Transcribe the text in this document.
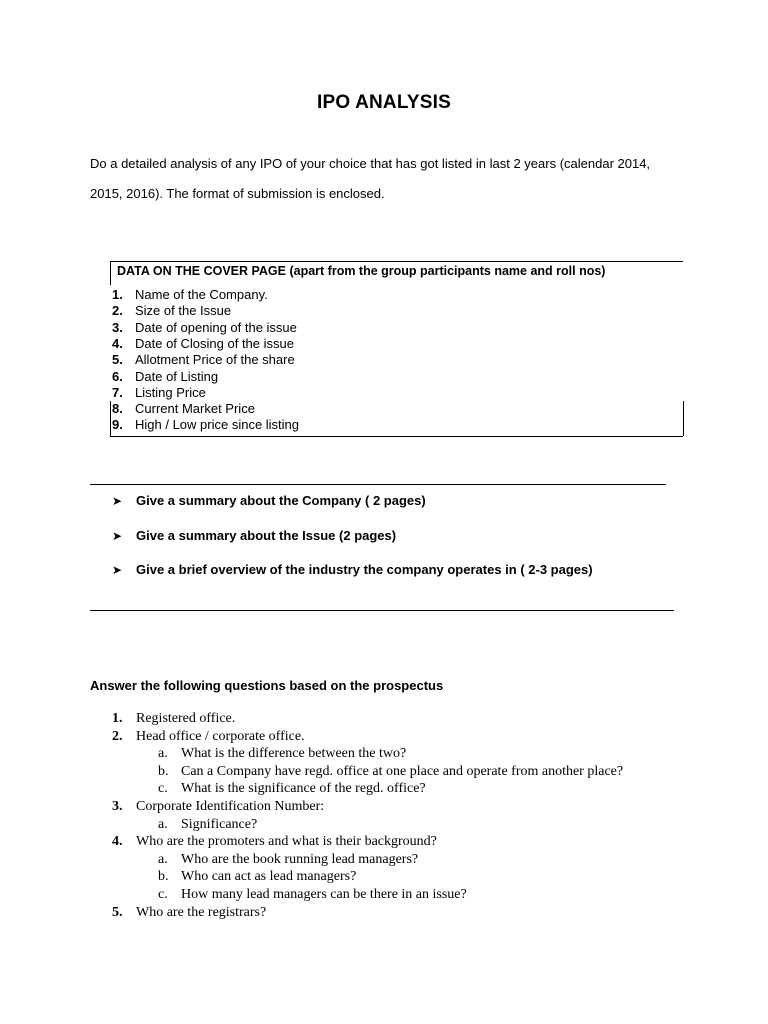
IPO ANALYSIS
Do a detailed analysis of any IPO of your choice that has got listed in last 2 years (calendar 2014,
2015, 2016). The format of submission is enclosed.
DATA ON THE COVER PAGE (apart from the group participants name and roll nos)
1. Name of the Company.
2. Size of the Issue
3. Date of opening of the issue
4. Date of Closing of the issue
5. Allotment Price of the share
6. Date of Listing
7. Listing Price
8. Current Market Price
9. High / Low price since listing
➤ Give a summary about the Company ( 2 pages)
➤ Give a summary about the Issue (2 pages)
➤ Give a brief overview of the industry the company operates in ( 2-3 pages)
Answer the following questions based on the prospectus
1. Registered office.
2. Head office / corporate office.
a. What is the difference between the two?
b. Can a Company have regd. office at one place and operate from another place?
c. What is the significance of the regd. office?
3. Corporate Identification Number:
a. Significance?
4. Who are the promoters and what is their background?
a. Who are the book running lead managers?
b. Who can act as lead managers?
c. How many lead managers can be there in an issue?
5. Who are the registrars?
